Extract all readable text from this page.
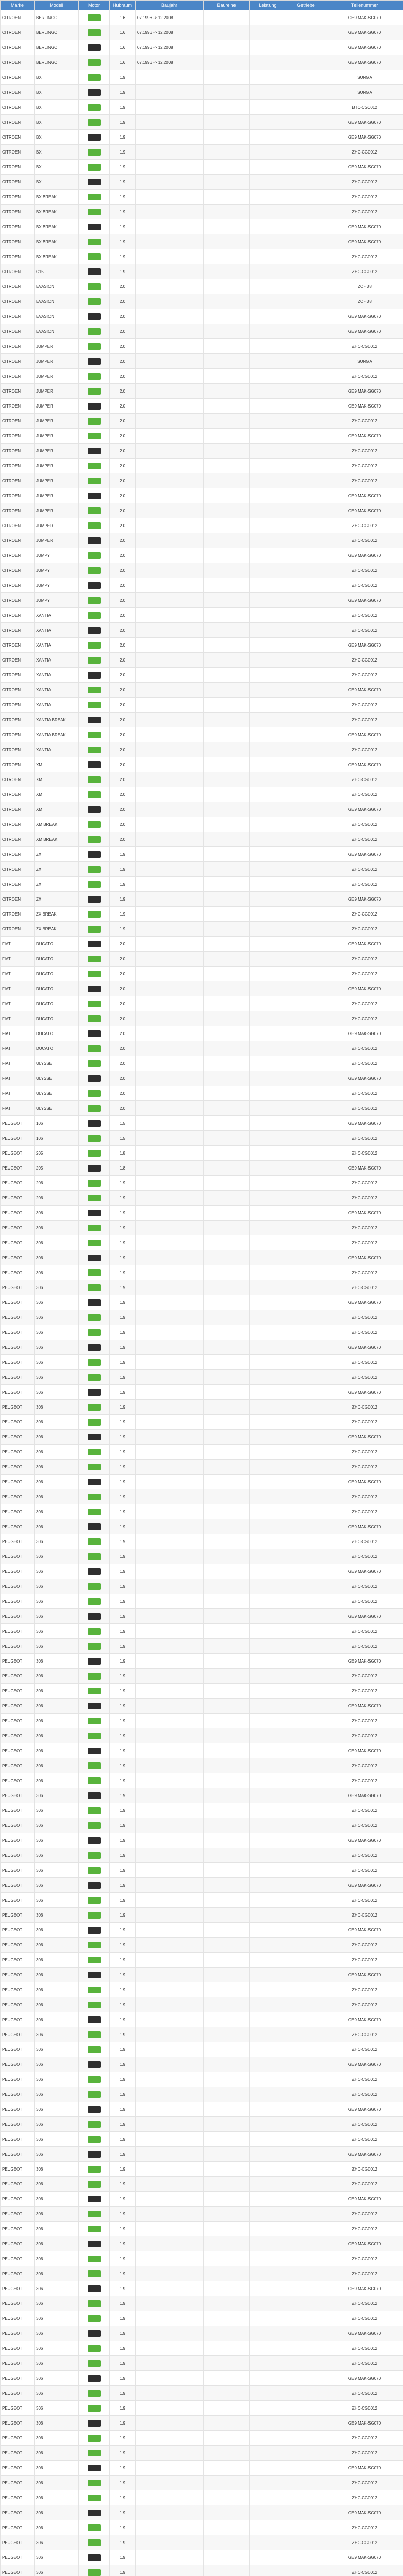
Marke	Modell	Motor	Hubraum	Baujahr	Baureihe	Leistung	Getriebe	Teilenummer
CITROEN	BERLINGO		1.6	07.1996 -> 12.2008				GE9 MAK-SG070
CITROEN	BERLINGO		1.6	07.1996 -> 12.2008				GE9 MAK-SG070
CITROEN	BERLINGO		1.6	07.1996 -> 12.2008				GE9 MAK-SG070
CITROEN	BERLINGO		1.6	07.1996 -> 12.2008				GE9 MAK-SG070
CITROEN	BX		1.9					SUNGA
CITROEN	BX		1.9					SUNGA
CITROEN	BX		1.9					BTC-CG0012
CITROEN	BX		1.9					GE9 MAK-SG070
CITROEN	BX		1.9					GE9 MAK-SG070
CITROEN	BX		1.9					ZHC-CG0012
CITROEN	BX		1.9					GE9 MAK-SG070
CITROEN	BX		1.9					ZHC-CG0012
CITROEN	BX BREAK		1.9					ZHC-CG0012
CITROEN	BX BREAK		1.9					ZHC-CG0012
CITROEN	BX BREAK		1.9					GE9 MAK-SG070
CITROEN	BX BREAK		1.9					GE9 MAK-SG070
CITROEN	BX BREAK		1.9					ZHC-CG0012
CITROEN	C15		1.9					ZHC-CG0012
CITROEN	EVASION		2.0					ZC - 38
CITROEN	EVASION		2.0					ZC - 38
CITROEN	EVASION		2.0					GE9 MAK-SG070
CITROEN	EVASION		2.0					GE9 MAK-SG070
CITROEN	JUMPER		2.0					ZHC-CG0012
CITROEN	JUMPER		2.0					SUNGA
CITROEN	JUMPER		2.0					ZHC-CG0012
CITROEN	JUMPER		2.0					GE9 MAK-SG070
CITROEN	JUMPER		2.0					GE9 MAK-SG070
CITROEN	JUMPER		2.0					ZHC-CG0012
CITROEN	JUMPER		2.0					GE9 MAK-SG070
CITROEN	JUMPER		2.0					ZHC-CG0012
CITROEN	JUMPER		2.0					ZHC-CG0012
CITROEN	JUMPER		2.0					ZHC-CG0012
CITROEN	JUMPER		2.0					GE9 MAK-SG070
CITROEN	JUMPER		2.0					GE9 MAK-SG070
CITROEN	JUMPER		2.0					ZHC-CG0012
CITROEN	JUMPER		2.0					ZHC-CG0012
CITROEN	JUMPY		2.0					GE9 MAK-SG070
CITROEN	JUMPY		2.0					ZHC-CG0012
CITROEN	JUMPY		2.0					ZHC-CG0012
CITROEN	JUMPY		2.0					GE9 MAK-SG070
CITROEN	XANTIA		2.0					ZHC-CG0012
CITROEN	XANTIA		2.0					ZHC-CG0012
CITROEN	XANTIA		2.0					GE9 MAK-SG070
CITROEN	XANTIA		2.0					ZHC-CG0012
CITROEN	XANTIA		2.0					ZHC-CG0012
CITROEN	XANTIA		2.0					GE9 MAK-SG070
CITROEN	XANTIA		2.0					ZHC-CG0012
CITROEN	XANTIA BREAK		2.0					ZHC-CG0012
CITROEN	XANTIA BREAK		2.0					GE9 MAK-SG070
CITROEN	XANTIA		2.0					ZHC-CG0012
CITROEN	XM		2.0					GE9 MAK-SG070
CITROEN	XM		2.0					ZHC-CG0012
CITROEN	XM		2.0					ZHC-CG0012
CITROEN	XM		2.0					GE9 MAK-SG070
CITROEN	XM BREAK		2.0					ZHC-CG0012
CITROEN	XM BREAK		2.0					ZHC-CG0012
CITROEN	ZX		1.9					GE9 MAK-SG070
CITROEN	ZX		1.9					ZHC-CG0012
CITROEN	ZX		1.9					ZHC-CG0012
CITROEN	ZX		1.9					GE9 MAK-SG070
CITROEN	ZX BREAK		1.9					ZHC-CG0012
CITROEN	ZX BREAK		1.9					ZHC-CG0012
FIAT	DUCATO		2.0					GE9 MAK-SG070
FIAT	DUCATO		2.0					ZHC-CG0012
FIAT	DUCATO		2.0					ZHC-CG0012
FIAT	DUCATO		2.0					GE9 MAK-SG070
FIAT	DUCATO		2.0					ZHC-CG0012
FIAT	DUCATO		2.0					ZHC-CG0012
FIAT	DUCATO		2.0					GE9 MAK-SG070
FIAT	DUCATO		2.0					ZHC-CG0012
FIAT	ULYSSE		2.0					ZHC-CG0012
FIAT	ULYSSE		2.0					GE9 MAK-SG070
FIAT	ULYSSE		2.0					ZHC-CG0012
FIAT	ULYSSE		2.0					ZHC-CG0012
PEUGEOT	106		1.5					GE9 MAK-SG070
PEUGEOT	106		1.5					ZHC-CG0012
PEUGEOT	205		1.8					ZHC-CG0012
PEUGEOT	205		1.8					GE9 MAK-SG070
PEUGEOT	206		1.9					ZHC-CG0012
PEUGEOT	206		1.9					ZHC-CG0012
PEUGEOT	306		1.9					GE9 MAK-SG070
PEUGEOT	306		1.9					ZHC-CG0012
PEUGEOT	306		1.9					ZHC-CG0012
PEUGEOT	306		1.9					GE9 MAK-SG070
PEUGEOT	306		1.9					ZHC-CG0012
PEUGEOT	306		1.9					ZHC-CG0012
PEUGEOT	306		1.9					GE9 MAK-SG070
PEUGEOT	306		1.9					ZHC-CG0012
PEUGEOT	306		1.9					ZHC-CG0012
PEUGEOT	306		1.9					GE9 MAK-SG070
PEUGEOT	306		1.9					ZHC-CG0012
PEUGEOT	306		1.9					ZHC-CG0012
PEUGEOT	306		1.9					GE9 MAK-SG070
PEUGEOT	306		1.9					ZHC-CG0012
PEUGEOT	306		1.9					ZHC-CG0012
PEUGEOT	306		1.9					GE9 MAK-SG070
PEUGEOT	306		1.9					ZHC-CG0012
PEUGEOT	306		1.9					ZHC-CG0012
PEUGEOT	306		1.9					GE9 MAK-SG070
PEUGEOT	306		1.9					ZHC-CG0012
PEUGEOT	306		1.9					ZHC-CG0012
PEUGEOT	306		1.9					GE9 MAK-SG070
PEUGEOT	306		1.9					ZHC-CG0012
PEUGEOT	306		1.9					ZHC-CG0012
PEUGEOT	306		1.9					GE9 MAK-SG070
PEUGEOT	306		1.9					ZHC-CG0012
PEUGEOT	306		1.9					ZHC-CG0012
PEUGEOT	306		1.9					GE9 MAK-SG070
PEUGEOT	306		1.9					ZHC-CG0012
PEUGEOT	306		1.9					ZHC-CG0012
PEUGEOT	306		1.9					GE9 MAK-SG070
PEUGEOT	306		1.9					ZHC-CG0012
PEUGEOT	306		1.9					ZHC-CG0012
PEUGEOT	306		1.9					GE9 MAK-SG070
PEUGEOT	306		1.9					ZHC-CG0012
PEUGEOT	306		1.9					ZHC-CG0012
PEUGEOT	306		1.9					GE9 MAK-SG070
PEUGEOT	306		1.9					ZHC-CG0012
PEUGEOT	306		1.9					ZHC-CG0012
PEUGEOT	306		1.9					GE9 MAK-SG070
PEUGEOT	306		1.9					ZHC-CG0012
PEUGEOT	306		1.9					ZHC-CG0012
PEUGEOT	306		1.9					GE9 MAK-SG070
PEUGEOT	306		1.9					ZHC-CG0012
PEUGEOT	306		1.9					ZHC-CG0012
PEUGEOT	306		1.9					GE9 MAK-SG070
PEUGEOT	306		1.9					ZHC-CG0012
PEUGEOT	306		1.9					ZHC-CG0012
PEUGEOT	306		1.9					GE9 MAK-SG070
PEUGEOT	306		1.9					ZHC-CG0012
PEUGEOT	306		1.9					ZHC-CG0012
PEUGEOT	306		1.9					GE9 MAK-SG070
PEUGEOT	306		1.9					ZHC-CG0012
PEUGEOT	306		1.9					ZHC-CG0012
PEUGEOT	306		1.9					GE9 MAK-SG070
PEUGEOT	306		1.9					ZHC-CG0012
PEUGEOT	306		1.9					ZHC-CG0012
PEUGEOT	306		1.9					GE9 MAK-SG070
PEUGEOT	306		1.9					ZHC-CG0012
PEUGEOT	306		1.9					ZHC-CG0012
PEUGEOT	306		1.9					GE9 MAK-SG070
PEUGEOT	306		1.9					ZHC-CG0012
PEUGEOT	306		1.9					ZHC-CG0012
PEUGEOT	306		1.9					GE9 MAK-SG070
PEUGEOT	306		1.9					ZHC-CG0012
PEUGEOT	306		1.9					ZHC-CG0012
PEUGEOT	306		1.9					GE9 MAK-SG070
PEUGEOT	306		1.9					ZHC-CG0012
PEUGEOT	306		1.9					ZHC-CG0012
PEUGEOT	306		1.9					GE9 MAK-SG070
PEUGEOT	306		1.9					ZHC-CG0012
PEUGEOT	306		1.9					ZHC-CG0012
PEUGEOT	306		1.9					GE9 MAK-SG070
PEUGEOT	306		1.9					ZHC-CG0012
PEUGEOT	306		1.9					ZHC-CG0012
PEUGEOT	306		1.9					GE9 MAK-SG070
PEUGEOT	306		1.9					ZHC-CG0012
PEUGEOT	306		1.9					ZHC-CG0012
PEUGEOT	306		1.9					GE9 MAK-SG070
PEUGEOT	306		1.9					ZHC-CG0012
PEUGEOT	306		1.9					ZHC-CG0012
PEUGEOT	306		1.9					GE9 MAK-SG070
PEUGEOT	306		1.9					ZHC-CG0012
PEUGEOT	306		1.9					ZHC-CG0012
PEUGEOT	306		1.9					GE9 MAK-SG070
PEUGEOT	306		1.9					ZHC-CG0012
PEUGEOT	306		1.9					ZHC-CG0012
PEUGEOT	306		1.9					GE9 MAK-SG070
PEUGEOT	306		1.9					ZHC-CG0012
PEUGEOT	306		1.9					ZHC-CG0012
PEUGEOT	306		1.9					GE9 MAK-SG070
PEUGEOT	306		1.9					ZHC-CG0012
